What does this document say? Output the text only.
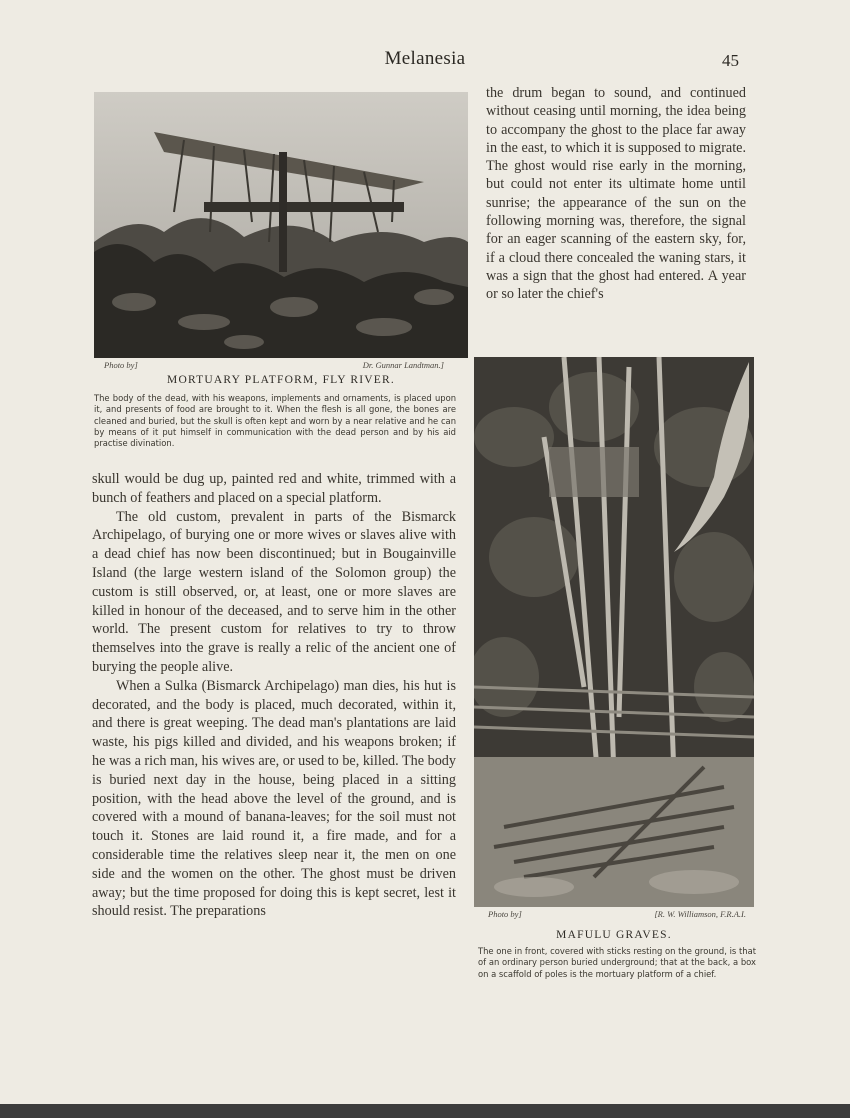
Melanesia	45
Photo by]	Dr. Gunnar Landtman.]
MORTUARY PLATFORM, FLY RIVER.
The body of the dead, with his weapons, implements and ornaments, is placed upon it, and presents of food are brought to it. When the flesh is all gone, the bones are cleaned and buried, but the skull is often kept and worn by a near relative and he can by means of it put himself in communication with the dead person and by his aid practise divination.

the drum began to sound, and continued without ceasing until morning, the idea being to accompany the ghost to the place far away in the east, to which it is supposed to migrate. The ghost would rise early in the morning, but could not enter its ultimate home until sunrise; the appearance of the sun on the following morning was, therefore, the signal for an eager scanning of the eastern sky, for, if a cloud there concealed the waning stars, it was a sign that the ghost had entered. A year or so later the chief's

Photo by]	[R. W. Williamson, F.R.A.I.
MAFULU GRAVES.
The one in front, covered with sticks resting on the ground, is that of an ordinary person buried underground; that at the back, a box on a scaffold of poles is the mortuary platform of a chief.

skull would be dug up, painted red and white, trimmed with a bunch of feathers and placed on a special platform.

The old custom, prevalent in parts of the Bismarck Archipelago, of burying one or more wives or slaves alive with a dead chief has now been discontinued; but in Bougainville Island (the large western island of the Solomon group) the custom is still observed, or, at least, one or more slaves are killed in honour of the deceased, and to serve him in the other world. The present custom for relatives to try to throw themselves into the grave is really a relic of the ancient one of burying the people alive.

When a Sulka (Bismarck Archipelago) man dies, his hut is decorated, and the body is placed, much decorated, within it, and there is great weeping. The dead man's plantations are laid waste, his pigs killed and divided, and his weapons broken; if he was a rich man, his wives are, or used to be, killed. The body is buried next day in the house, being placed in a sitting position, with the head above the level of the ground, and is covered with a mound of banana-leaves; for the soil must not touch it. Stones are laid round it, a fire made, and for a considerable time the relatives sleep near it, the men on one side and the women on the other. The ghost must be driven away; but the time proposed for doing this is kept secret, lest it should resist. The preparations
